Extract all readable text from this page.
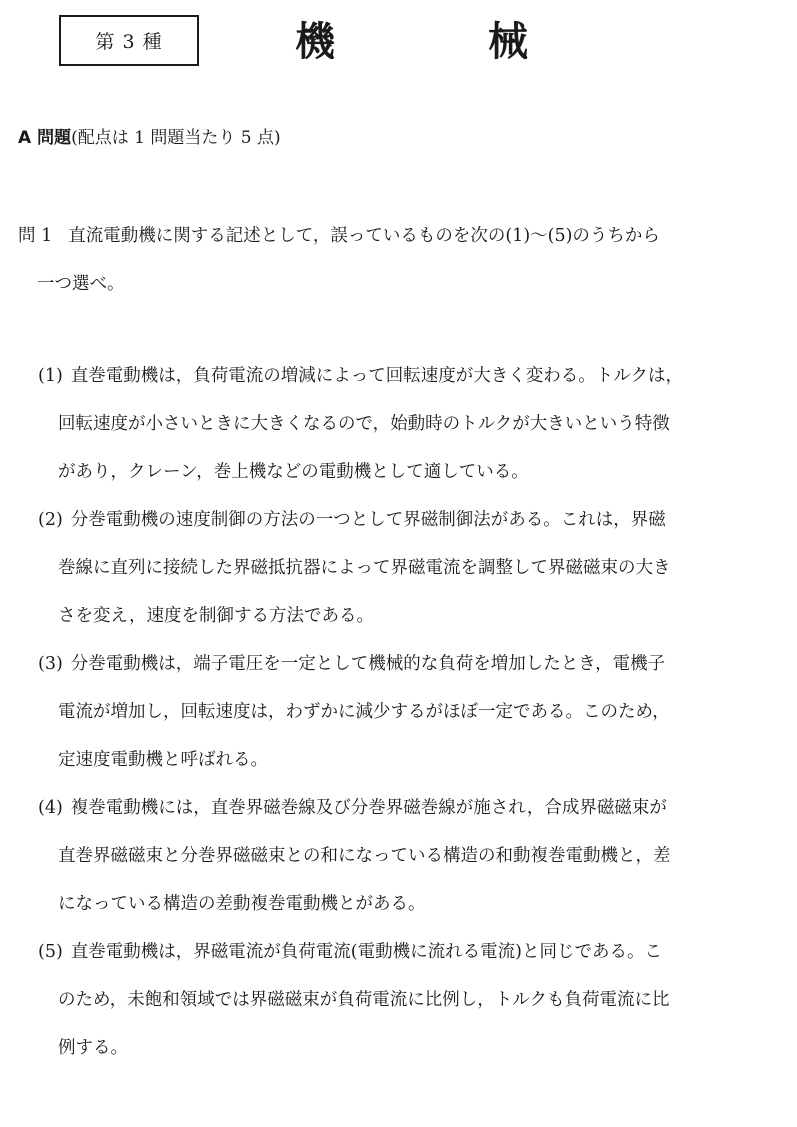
第 3 種	機	械
A 問題(配点は 1 問題当たり 5 点)
問 1 直流電動機に関する記述として，誤っているものを次の(1)～(5)のうちから
一つ選べ。
(1) 直巻電動機は，負荷電流の増減によって回転速度が大きく変わる。トルクは，
回転速度が小さいときに大きくなるので，始動時のトルクが大きいという特徴
があり，クレーン，巻上機などの電動機として適している。
(2) 分巻電動機の速度制御の方法の一つとして界磁制御法がある。これは，界磁
巻線に直列に接続した界磁抵抗器によって界磁電流を調整して界磁磁束の大き
さを変え，速度を制御する方法である。
(3) 分巻電動機は，端子電圧を一定として機械的な負荷を増加したとき，電機子
電流が増加し，回転速度は，わずかに減少するがほぼ一定である。このため，
定速度電動機と呼ばれる。
(4) 複巻電動機には，直巻界磁巻線及び分巻界磁巻線が施され，合成界磁磁束が
直巻界磁磁束と分巻界磁磁束との和になっている構造の和動複巻電動機と，差
になっている構造の差動複巻電動機とがある。
(5) 直巻電動機は，界磁電流が負荷電流(電動機に流れる電流)と同じである。こ
のため，未飽和領域では界磁磁束が負荷電流に比例し，トルクも負荷電流に比
例する。
